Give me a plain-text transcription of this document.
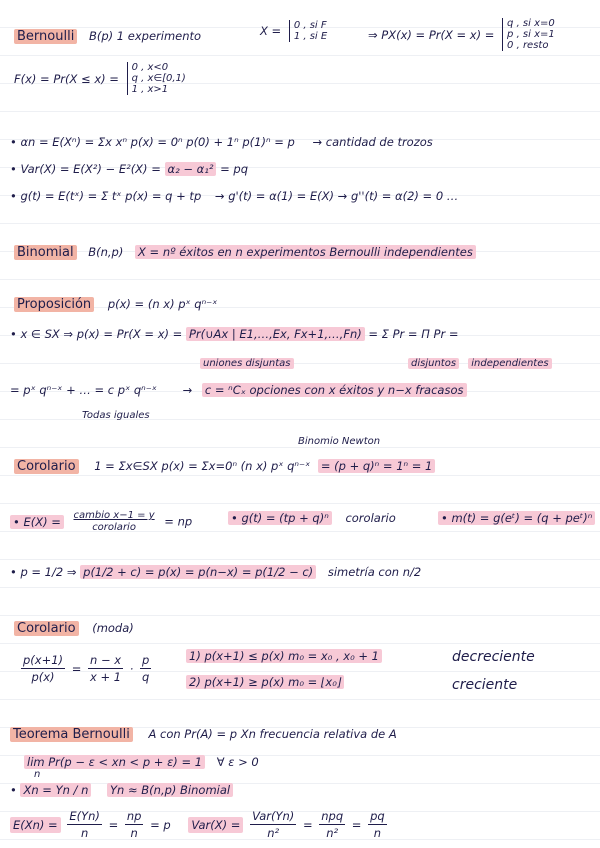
Bernoulli B(p) 1 experimento	X = 0 , si F
1 , si E	⇒ PX(x) = Pr(X = x) =
q , si x=0
p , si x=1
0 , resto
F(x) = Pr(X ≤ x) =
0 , x<0
q , x∈[0,1)
1 , x>1
• αn = E(Xⁿ) = Σx xⁿ p(x) = 0ⁿ p(0) + 1ⁿ p(1)ⁿ = p → cantidad de trozos
• Var(X) = E(X²) − E²(X) = α₂ − α₁² = pq
• g(t) = E(tˣ) = Σ tˣ p(x) = q + tp → g'(t) = α(1) = E(X) → g''(t) = α(2) = 0 …
Binomial B(n,p) X = nº éxitos en n experimentos Bernoulli independientes
Proposición p(x) = (n x) pˣ qⁿ⁻ˣ
• x ∈ SX ⇒ p(x) = Pr(X = x) = Pr(∪Ax | E1,…,Ex, Fx+1,…,Fn) = Σ Pr = Π Pr =
uniones disjuntas	disjuntos independientes
= pˣ qⁿ⁻ˣ + … = c pˣ qⁿ⁻ˣ → c = ⁿCₓ opciones con x éxitos y n−x fracasos
Todas iguales
Binomio Newton
Corolario 1 = Σx∈SX p(x) = Σx=0ⁿ (n x) pˣ qⁿ⁻ˣ = (p + q)ⁿ = 1ⁿ = 1
• E(X) = cambio x−1 = y
corolario	= np	• g(t) = (tp + q)ⁿ corolario	• m(t) = g(eᵗ) = (q + peᵗ)ⁿ
• p = 1/2 ⇒ p(1/2 + c) = p(x) = p(n−x) = p(1/2 − c) simetría con n/2
Corolario (moda)
$\frac{p(x+1)}{p(x)} = \frac{n - x}{x + 1} \cdot \frac{p}{q}$	1) p(x+1) ≤ p(x) m₀ = x₀ , x₀ + 1	decreciente
2) p(x+1) ≥ p(x) m₀ = ⌊x₀⌋	creciente
Teorema Bernoulli A con Pr(A) = p Xn frecuencia relativa de A
lim Pr(p − ε < xn < p + ε) = 1 ∀ ε > 0
n
• Xn = Yn / n Yn ≈ B(n,p) Binomial
$E(Xn) = \frac{E(Yn)}{n} = \frac{np}{n} = p$ $Var(X) = \frac{\text{Var(Yn)}}{\text{n²}} = \frac{\text{npq}}{\text{n²}} = \frac{pq}{n}$
